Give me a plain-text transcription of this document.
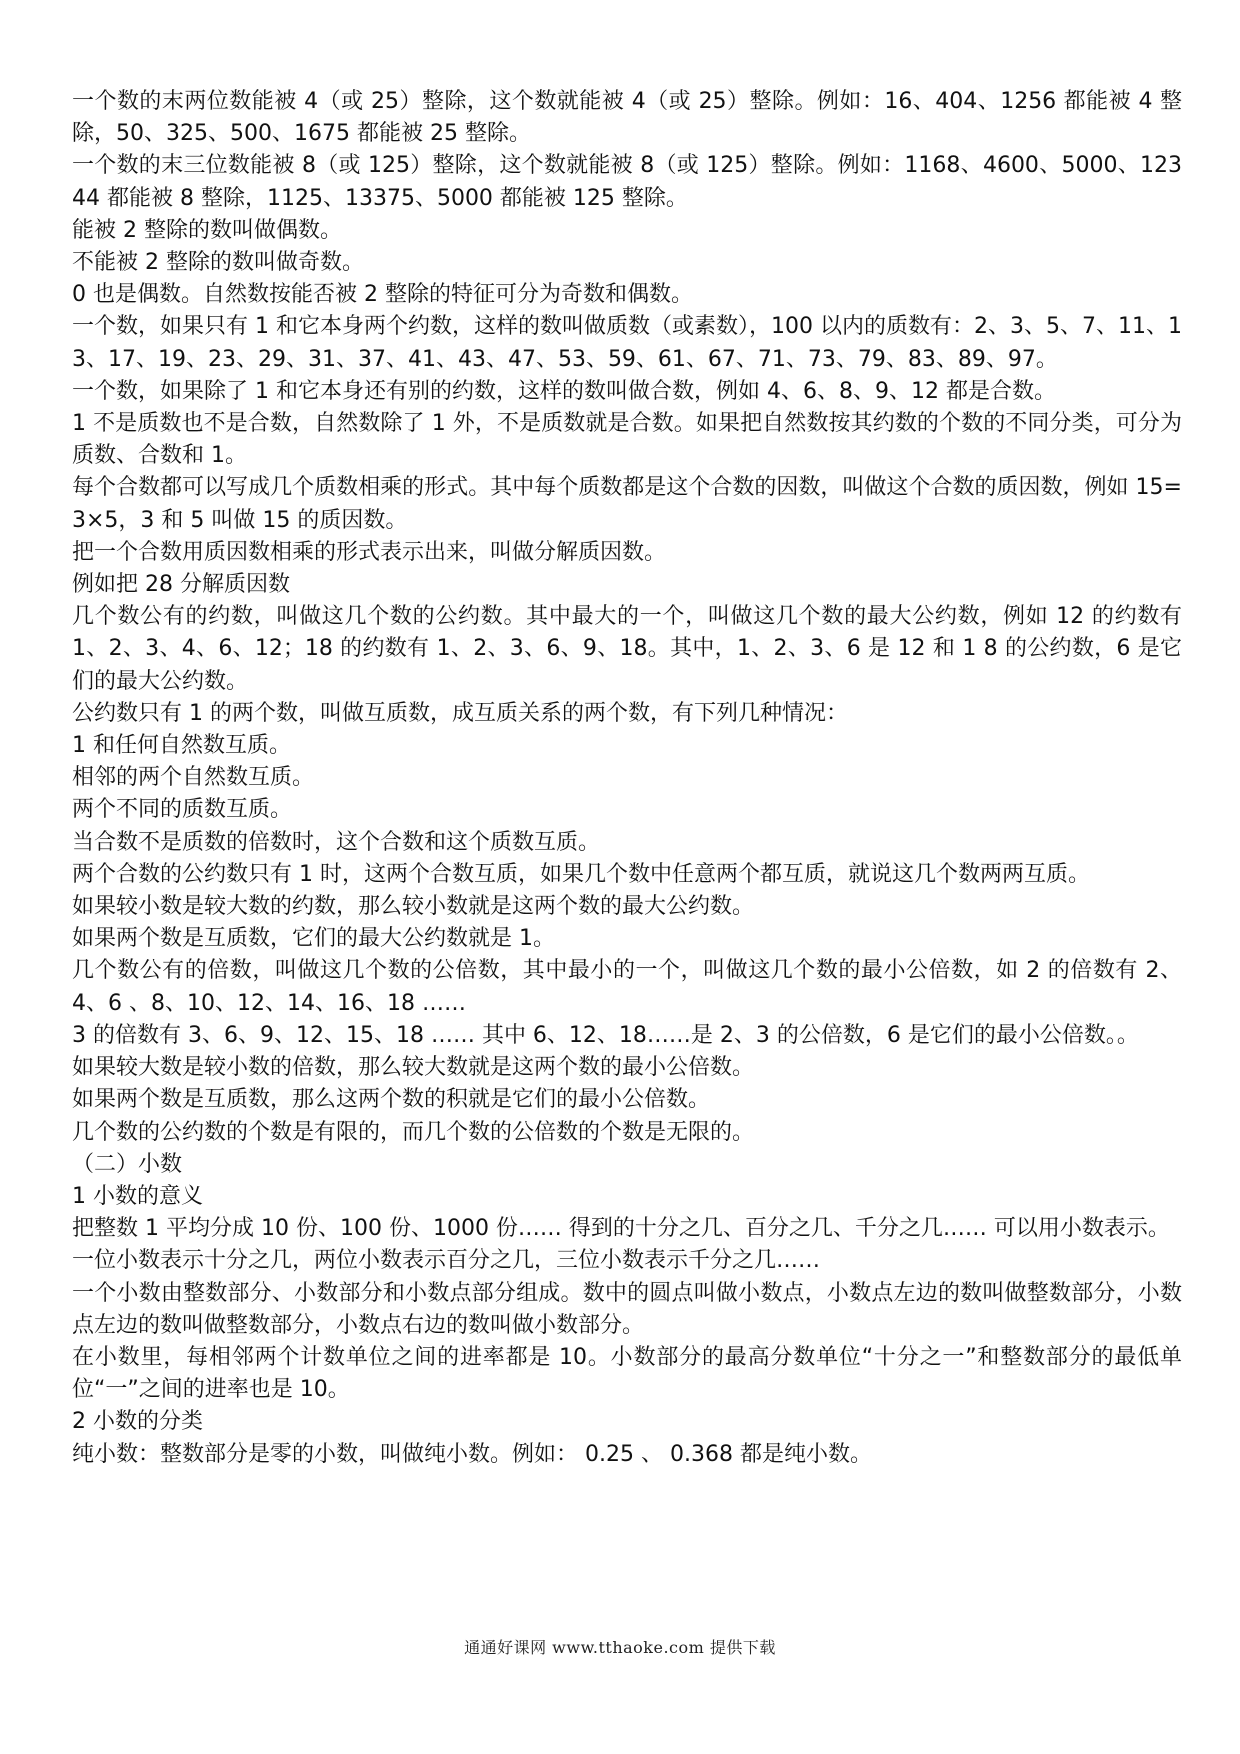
一个数的末两位数能被 4（或 25）整除，这个数就能被 4（或 25）整除。例如：16、404、1256 都能被 4 整除，50、325、500、1675 都能被 25 整除。

一个数的末三位数能被 8（或 125）整除，这个数就能被 8（或 125）整除。例如：1168、4600、5000、12344 都能被 8 整除，1125、13375、5000 都能被 125 整除。

能被 2 整除的数叫做偶数。

不能被 2 整除的数叫做奇数。

0 也是偶数。自然数按能否被 2 整除的特征可分为奇数和偶数。

一个数，如果只有 1 和它本身两个约数，这样的数叫做质数（或素数），100 以内的质数有：2、3、5、7、11、13、17、19、23、29、31、37、41、43、47、53、59、61、67、71、73、79、83、89、97。

一个数，如果除了 1 和它本身还有别的约数，这样的数叫做合数，例如 4、6、8、9、12 都是合数。

1 不是质数也不是合数，自然数除了 1 外，不是质数就是合数。如果把自然数按其约数的个数的不同分类，可分为质数、合数和 1。

每个合数都可以写成几个质数相乘的形式。其中每个质数都是这个合数的因数，叫做这个合数的质因数，例如 15=3×5，3 和 5 叫做 15 的质因数。

把一个合数用质因数相乘的形式表示出来，叫做分解质因数。

例如把 28 分解质因数

几个数公有的约数，叫做这几个数的公约数。其中最大的一个，叫做这几个数的最大公约数，例如 12 的约数有 1、2、3、4、6、12；18 的约数有 1、2、3、6、9、18。其中，1、2、3、6 是 12 和 1 8 的公约数，6 是它们的最大公约数。

公约数只有 1 的两个数，叫做互质数，成互质关系的两个数，有下列几种情况：

1 和任何自然数互质。

相邻的两个自然数互质。

两个不同的质数互质。

当合数不是质数的倍数时，这个合数和这个质数互质。

两个合数的公约数只有 1 时，这两个合数互质，如果几个数中任意两个都互质，就说这几个数两两互质。

如果较小数是较大数的约数，那么较小数就是这两个数的最大公约数。

如果两个数是互质数，它们的最大公约数就是 1。

几个数公有的倍数，叫做这几个数的公倍数，其中最小的一个，叫做这几个数的最小公倍数，如 2 的倍数有 2、4、6 、8、10、12、14、16、18 ……

3 的倍数有 3、6、9、12、15、18 …… 其中 6、12、18……是 2、3 的公倍数，6 是它们的最小公倍数。。

如果较大数是较小数的倍数，那么较大数就是这两个数的最小公倍数。

如果两个数是互质数，那么这两个数的积就是它们的最小公倍数。

几个数的公约数的个数是有限的，而几个数的公倍数的个数是无限的。

（二）小数

1 小数的意义

把整数 1 平均分成 10 份、100 份、1000 份…… 得到的十分之几、百分之几、千分之几…… 可以用小数表示。

一位小数表示十分之几，两位小数表示百分之几，三位小数表示千分之几……

一个小数由整数部分、小数部分和小数点部分组成。数中的圆点叫做小数点，小数点左边的数叫做整数部分，小数点左边的数叫做整数部分，小数点右边的数叫做小数部分。

在小数里，每相邻两个计数单位之间的进率都是 10。小数部分的最高分数单位“十分之一”和整数部分的最低单位“一”之间的进率也是 10。

2 小数的分类

纯小数：整数部分是零的小数，叫做纯小数。例如： 0.25 、 0.368 都是纯小数。

通通好课网 www.tthaoke.com 提供下载
